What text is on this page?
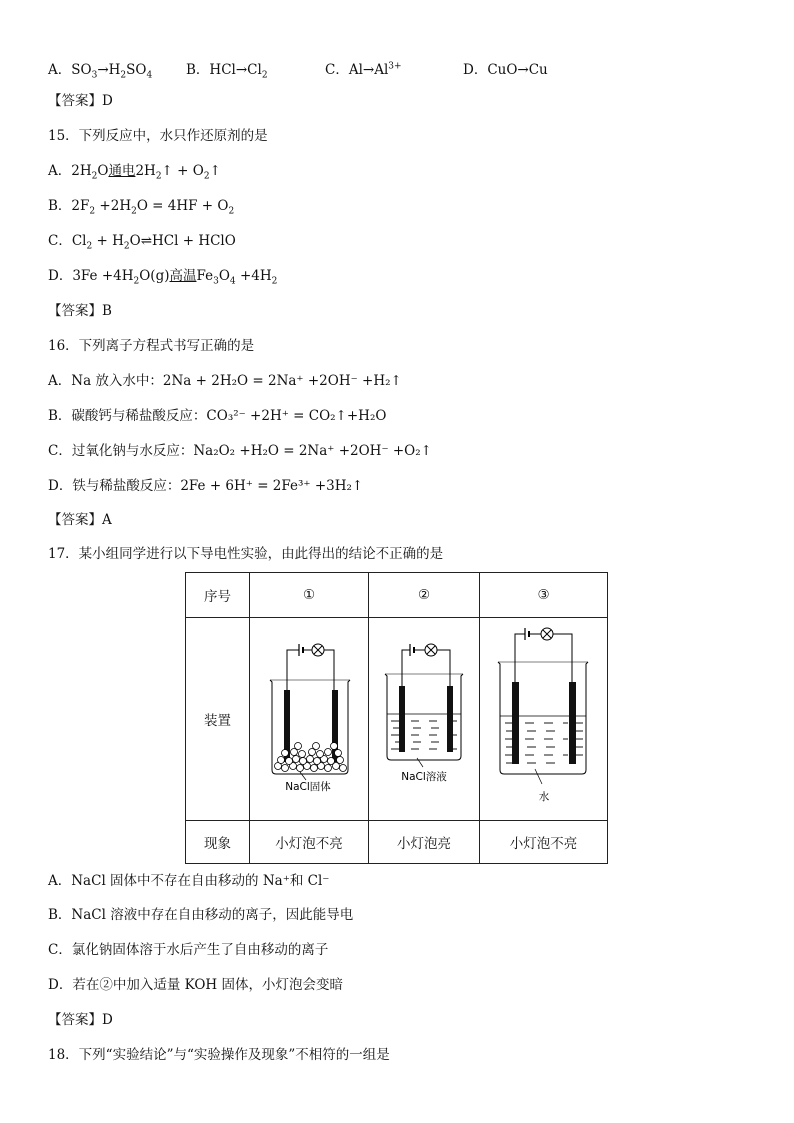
A．$SO_3\to H_2SO_4$	B．$HCl\to Cl_2$	C．$Al\to Al^{3+}$	D．CuO→Cu
【答案】D
15．下列反应中，水只作还原剂的是
A．$2H_2O$通电$2H_2↑$ + $O_2↑$
B．$2F_2 +2H_2O = 4HF + O_2$
C．$Cl_2$ + $H_2O\rightleftharpoons HCl$ + HClO
D．$3Fe +4H_2O(g)$高温$Fe_3O_4 +4H_2$
【答案】B
16．下列离子方程式书写正确的是
A．Na 放入水中：2Na + 2H₂O = 2Na⁺ +2OH⁻ +H₂↑
B．碳酸钙与稀盐酸反应：CO₃²⁻ +2H⁺ = CO₂↑+H₂O
C．过氧化钠与水反应：Na₂O₂ +H₂O = 2Na⁺ +2OH⁻ +O₂↑
D．铁与稀盐酸反应：2Fe + 6H⁺ = 2Fe³⁺ +3H₂↑
【答案】A
17．某小组同学进行以下导电性实验，由此得出的结论不正确的是
序号	①	②	③
装置	NaCl固体	NaCl溶液	水

现象	小灯泡不亮	小灯泡亮	小灯泡不亮
A．NaCl 固体中不存在自由移动的 Na⁺和 Cl⁻
B．NaCl 溶液中存在自由移动的离子，因此能导电
C．氯化钠固体溶于水后产生了自由移动的离子
D．若在②中加入适量 KOH 固体，小灯泡会变暗
【答案】D
18．下列“实验结论”与“实验操作及现象”不相符的一组是
